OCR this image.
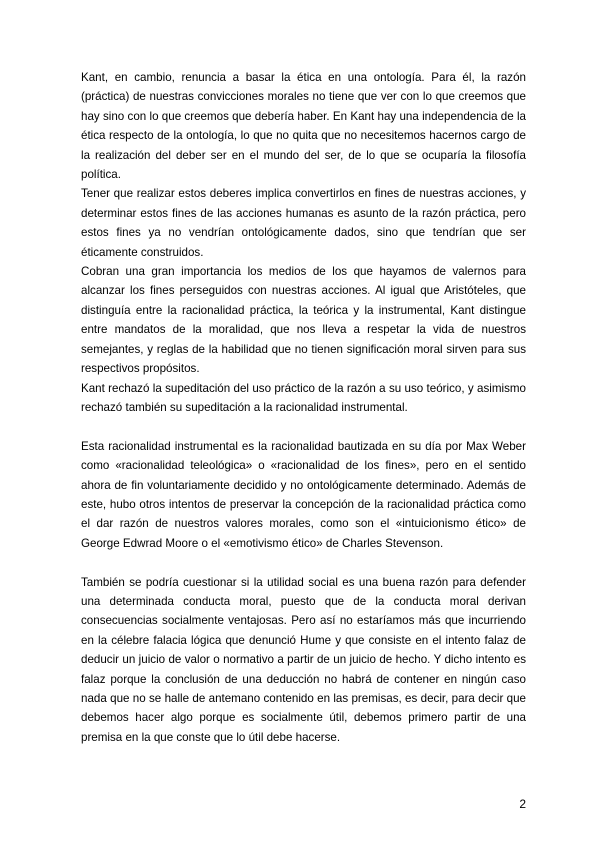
Kant, en cambio, renuncia a basar la ética en una ontología. Para él, la razón (práctica) de nuestras convicciones morales no tiene que ver con lo que creemos que hay sino con lo que creemos que debería haber. En Kant hay una independencia de la ética respecto de la ontología, lo que no quita que no necesitemos hacernos cargo de la realización del deber ser en el mundo del ser, de lo que se ocuparía la filosofía política.

Tener que realizar estos deberes implica convertirlos en fines de nuestras acciones, y determinar estos fines de las acciones humanas es asunto de la razón práctica, pero estos fines ya no vendrían ontológicamente dados, sino que tendrían que ser éticamente construidos.

Cobran una gran importancia los medios de los que hayamos de valernos para alcanzar los fines perseguidos con nuestras acciones. Al igual que Aristóteles, que distinguía entre la racionalidad práctica, la teórica y la instrumental, Kant distingue entre mandatos de la moralidad, que nos lleva a respetar la vida de nuestros semejantes, y reglas de la habilidad que no tienen significación moral sirven para sus respectivos propósitos.

Kant rechazó la supeditación del uso práctico de la razón a su uso teórico, y asimismo rechazó también su supeditación a la racionalidad instrumental.

Esta racionalidad instrumental es la racionalidad bautizada en su día por Max Weber como «racionalidad teleológica» o «racionalidad de los fines», pero en el sentido ahora de fin voluntariamente decidido y no ontológicamente determinado. Además de este, hubo otros intentos de preservar la concepción de la racionalidad práctica como el dar razón de nuestros valores morales, como son el «intuicionismo ético» de George Edwrad Moore o el «emotivismo ético» de Charles Stevenson.

También se podría cuestionar si la utilidad social es una buena razón para defender una determinada conducta moral, puesto que de la conducta moral derivan consecuencias socialmente ventajosas. Pero así no estaríamos más que incurriendo en la célebre falacia lógica que denunció Hume y que consiste en el intento falaz de deducir un juicio de valor o normativo a partir de un juicio de hecho. Y dicho intento es falaz porque la conclusión de una deducción no habrá de contener en ningún caso nada que no se halle de antemano contenido en las premisas, es decir, para decir que debemos hacer algo porque es socialmente útil, debemos primero partir de una premisa en la que conste que lo útil debe hacerse.

2
